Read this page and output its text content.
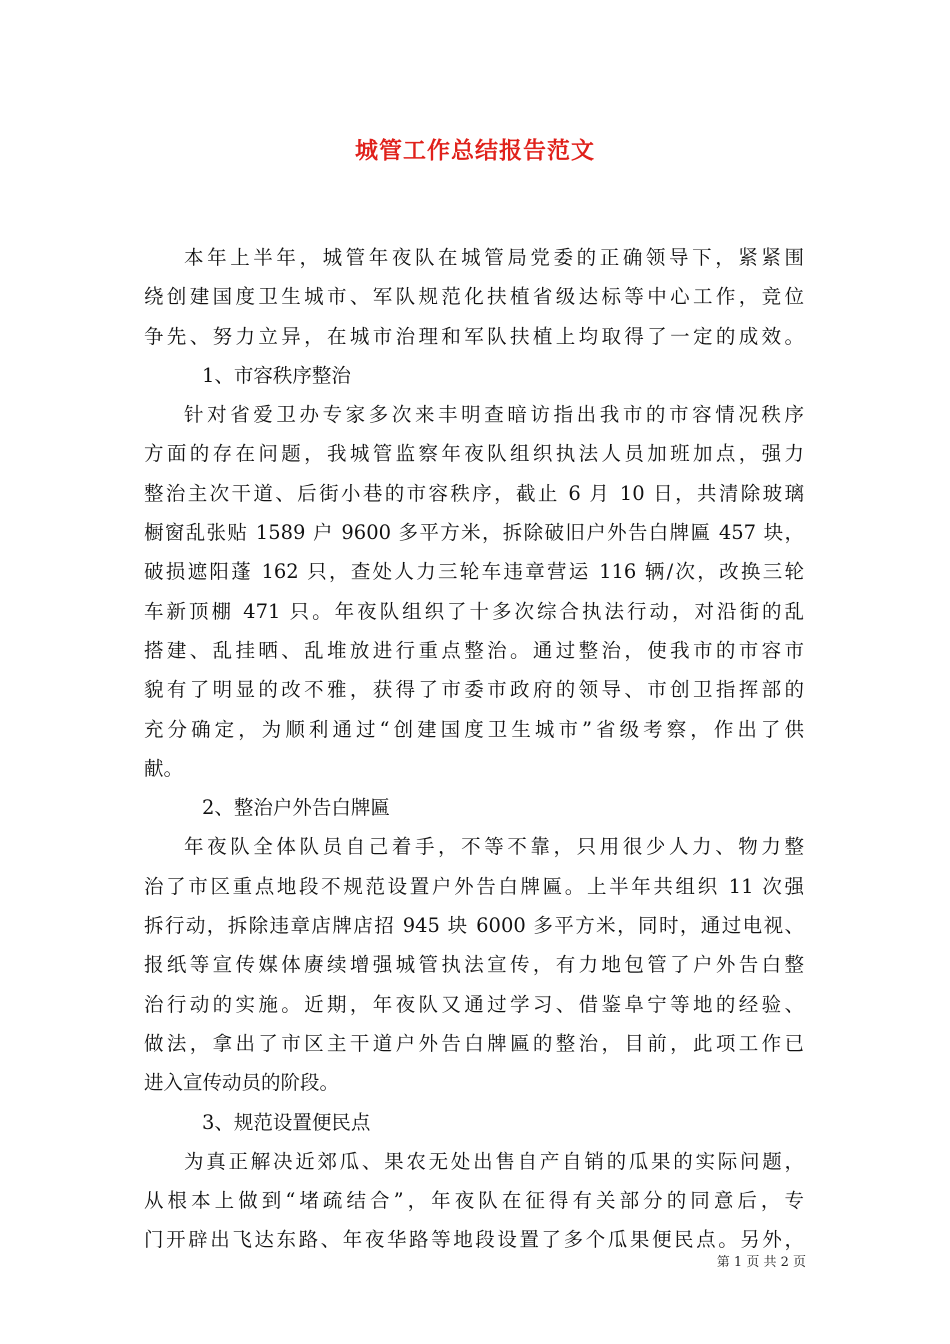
城管工作总结报告范文
本年上半年，城管年夜队在城管局党委的正确领导下，紧紧围
绕创建国度卫生城市、军队规范化扶植省级达标等中心工作，竞位
争先、努力立异，在城市治理和军队扶植上均取得了一定的成效。
1、市容秩序整治
针对省爱卫办专家多次来丰明查暗访指出我市的市容情况秩序
方面的存在问题，我城管监察年夜队组织执法人员加班加点，强力
整治主次干道、后街小巷的市容秩序，截止 6 月 10 日，共清除玻璃
橱窗乱张贴 1589 户 9600 多平方米，拆除破旧户外告白牌匾 457 块，
破损遮阳蓬 162 只，查处人力三轮车违章营运 116 辆/次，改换三轮
车新顶棚 471 只。年夜队组织了十多次综合执法行动，对沿街的乱
搭建、乱挂晒、乱堆放进行重点整治。通过整治，使我市的市容市
貌有了明显的改不雅，获得了市委市政府的领导、市创卫指挥部的
充分确定，为顺利通过“创建国度卫生城市”省级考察，作出了供
献。
2、整治户外告白牌匾
年夜队全体队员自己着手，不等不靠，只用很少人力、物力整
治了市区重点地段不规范设置户外告白牌匾。上半年共组织 11 次强
拆行动，拆除违章店牌店招 945 块 6000 多平方米，同时，通过电视、
报纸等宣传媒体赓续增强城管执法宣传，有力地包管了户外告白整
治行动的实施。近期，年夜队又通过学习、借鉴阜宁等地的经验、
做法，拿出了市区主干道户外告白牌匾的整治，目前，此项工作已
进入宣传动员的阶段。
3、规范设置便民点
为真正解决近郊瓜、果农无处出售自产自销的瓜果的实际问题，
从根本上做到“堵疏结合”，年夜队在征得有关部分的同意后，专
门开辟出飞达东路、年夜华路等地段设置了多个瓜果便民点。另外，
第 1 页 共 2 页
